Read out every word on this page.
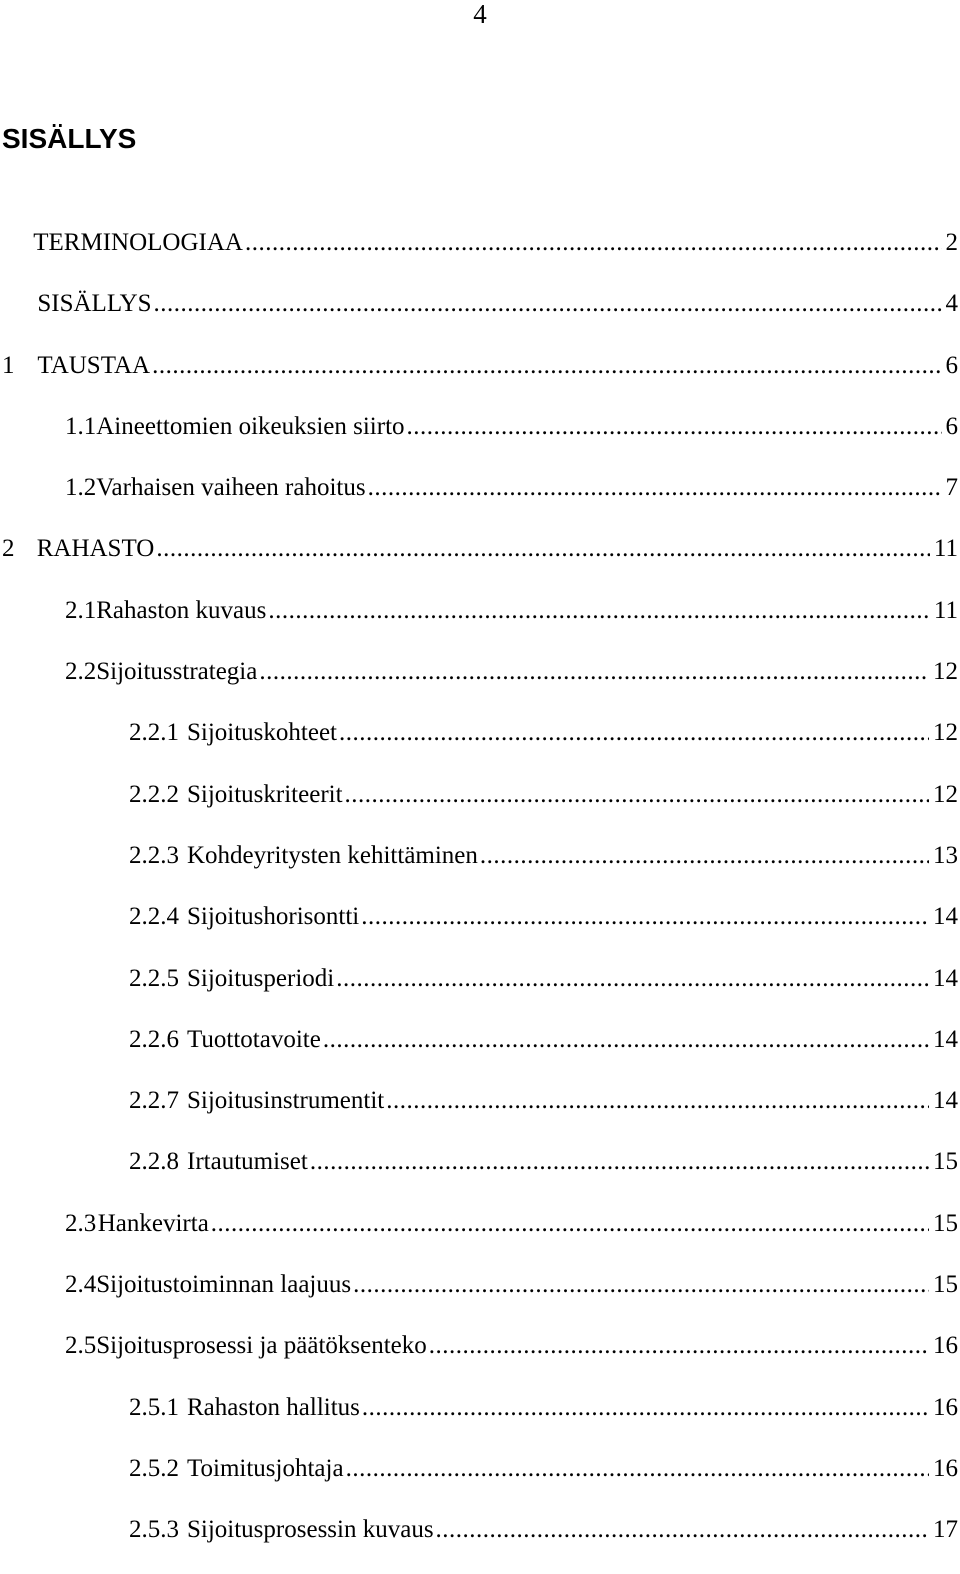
4
SISÄLLYS
TERMINOLOGIAA .....	2
SISÄLLYS .....	4
1 TAUSTAA .....	6
1.1 Aineettomien oikeuksien siirto .....	6
1.2 Varhaisen vaiheen rahoitus .....	7
2 RAHASTO .....	11
2.1 Rahaston kuvaus .....	11
2.2 Sijoitusstrategia .....	12
2.2.1 Sijoituskohteet .....	12
2.2.2 Sijoituskriteerit .....	12
2.2.3 Kohdeyritysten kehittäminen .....	13
2.2.4 Sijoitushorisontti .....	14
2.2.5 Sijoitusperiodi .....	14
2.2.6 Tuottotavoite .....	14
2.2.7 Sijoitusinstrumentit .....	14
2.2.8 Irtautumiset .....	15
2.3 Hankevirta .....	15
2.4 Sijoitustoiminnan laajuus .....	15
2.5 Sijoitusprosessi ja päätöksenteko .....	16
2.5.1 Rahaston hallitus .....	16
2.5.2 Toimitusjohtaja .....	16
2.5.3 Sijoitusprosessin kuvaus .....	17
